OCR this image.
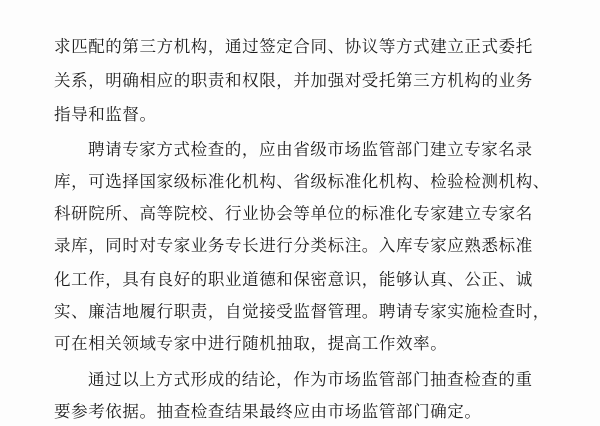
求匹配的第三方机构，通过签定合同、协议等方式建立正式委托
关系，明确相应的职责和权限，并加强对受托第三方机构的业务
指导和监督。
聘请专家方式检查的，应由省级市场监管部门建立专家名录
库，可选择国家级标准化机构、省级标准化机构、检验检测机构、
科研院所、高等院校、行业协会等单位的标准化专家建立专家名
录库，同时对专家业务专长进行分类标注。入库专家应熟悉标准
化工作，具有良好的职业道德和保密意识，能够认真、公正、诚
实、廉洁地履行职责，自觉接受监督管理。聘请专家实施检查时，
可在相关领域专家中进行随机抽取，提高工作效率。
通过以上方式形成的结论，作为市场监管部门抽查检查的重
要参考依据。抽查检查结果最终应由市场监管部门确定。
